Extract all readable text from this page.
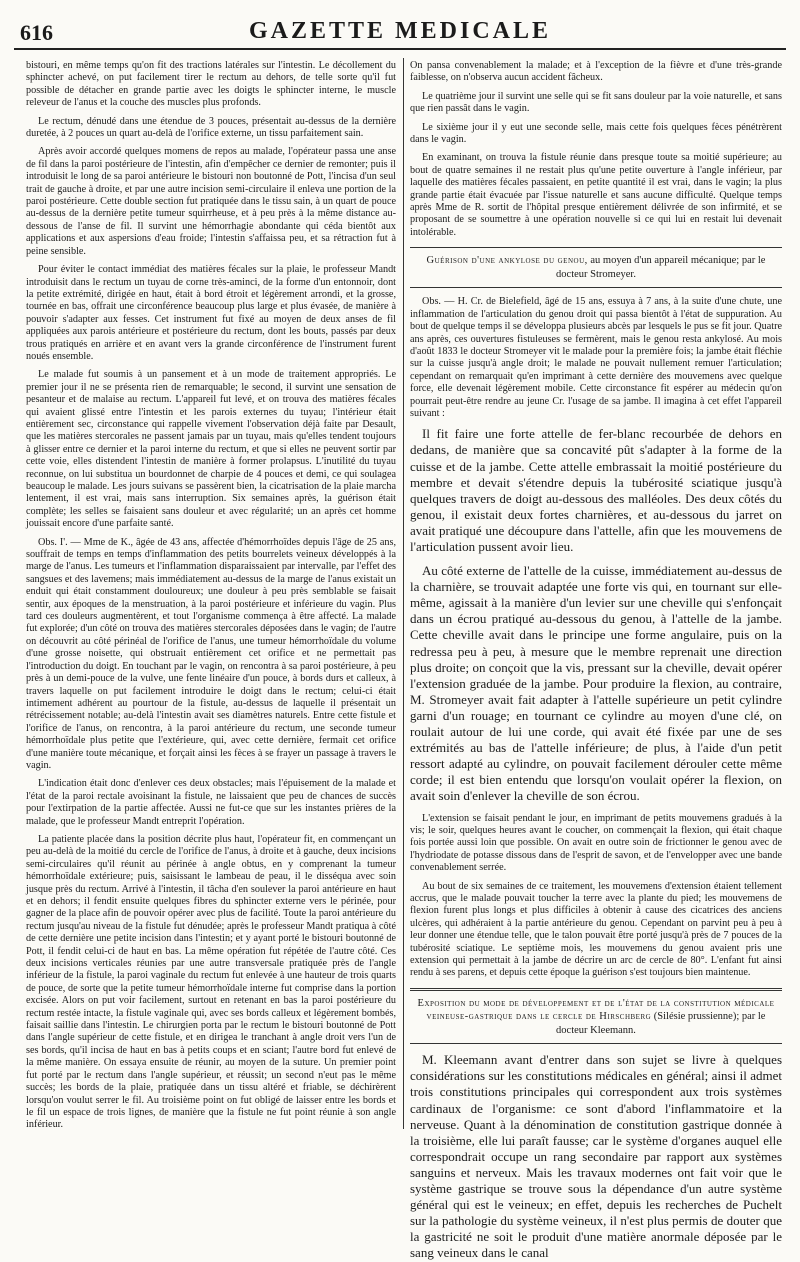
616	GAZETTE MEDICALE

bistouri, en même temps qu'on fit des tractions latérales sur l'intestin. Le décollement du sphincter achevé, on put facilement tirer le rectum au dehors, de telle sorte qu'il fut possible de détacher en grande partie avec les doigts le sphincter interne, le muscle releveur de l'anus et la couche des muscles plus profonds.

Le rectum, dénudé dans une étendue de 3 pouces, présentait au-dessus de la dernière duretée, à 2 pouces un quart au-delà de l'orifice externe, un tissu parfaitement sain.

Après avoir accordé quelques momens de repos au malade, l'opérateur passa une anse de fil dans la paroi postérieure de l'intestin, afin d'empêcher ce dernier de remonter; puis il introduisit le long de sa paroi antérieure le bistouri non boutonné de Pott, l'incisa d'un seul trait de gauche à droite, et par une autre incision semi-circulaire il enleva une portion de la paroi postérieure. Cette double section fut pratiquée dans le tissu sain, à un quart de pouce au-dessus de la dernière petite tumeur squirrheuse, et à peu près à la même distance au-dessous de l'anse de fil. Il survint une hémorrhagie abondante qui céda bientôt aux applications et aux aspersions d'eau froide; l'intestin s'affaissa peu, et sa rétraction fut à peine sensible.

Pour éviter le contact immédiat des matières fécales sur la plaie, le professeur Mandt introduisit dans le rectum un tuyau de corne très-aminci, de la forme d'un entonnoir, dont la petite extrémité, dirigée en haut, était à bord étroit et légèrement arrondi, et la grosse, tournée en bas, offrait une circonférence beaucoup plus large et plus évasée, de manière à pouvoir s'adapter aux fesses. Cet instrument fut fixé au moyen de deux anses de fil appliquées aux parois antérieure et postérieure du rectum, dont les bouts, passés par deux trous pratiqués en arrière et en avant vers la grande circonférence de l'instrument furent noués ensemble.

Le malade fut soumis à un pansement et à un mode de traitement appropriés. Le premier jour il ne se présenta rien de remarquable; le second, il survint une sensation de pesanteur et de malaise au rectum. L'appareil fut levé, et on trouva des matières fécales qui avaient glissé entre l'intestin et les parois externes du tuyau; l'intérieur était entièrement sec, circonstance qui rappelle vivement l'observation déjà faite par Desault, que les matières stercorales ne passent jamais par un tuyau, mais qu'elles tendent toujours à glisser entre ce dernier et la paroi interne du rectum, et que si elles ne peuvent sortir par cette voie, elles distendent l'intestin de manière à former prolapsus. L'inutilité du tuyau reconnue, on lui substitua un bourdonnet de charpie de 4 pouces et demi, ce qui soulagea beaucoup le malade. Les jours suivans se passèrent bien, la cicatrisation de la plaie marcha lentement, il est vrai, mais sans interruption. Six semaines après, la guérison était complète; les selles se faisaient sans douleur et avec régularité; un an après cet homme jouissait encore d'une parfaite santé.

Obs. I'. — Mme de K., âgée de 43 ans, affectée d'hémorrhoïdes depuis l'âge de 25 ans, souffrait de temps en temps d'inflammation des petits bourrelets veineux développés à la marge de l'anus. Les tumeurs et l'inflammation disparaissaient par intervalle, par l'effet des sangsues et des lavemens; mais immédiatement au-dessus de la marge de l'anus existait un enduit qui était constamment douloureux; une douleur à peu près semblable se faisait sentir, aux époques de la menstruation, à la paroi postérieure et inférieure du vagin. Plus tard ces douleurs augmentèrent, et tout l'organisme commença à être affecté. La malade fut explorée; d'un côté on trouva des matières stercorales déposées dans le vagin; de l'autre on découvrit au côté périnéal de l'orifice de l'anus, une tumeur hémorrhoïdale du volume d'une grosse noisette, qui obstruait entièrement cet orifice et ne permettait pas l'introduction du doigt. En touchant par le vagin, on rencontra à sa paroi postérieure, à peu près à un demi-pouce de la vulve, une fente linéaire d'un pouce, à bords durs et calleux, à travers laquelle on put facilement introduire le doigt dans le rectum; celui-ci était intimement adhérent au pourtour de la fistule, au-dessus de laquelle il présentait un rétrécissement notable; au-delà l'intestin avait ses diamètres naturels. Entre cette fistule et l'orifice de l'anus, on rencontra, à la paroi antérieure du rectum, une seconde tumeur hémorrhoïdale plus petite que l'extérieure, qui, avec cette dernière, fermait cet orifice d'une manière toute mécanique, et forçait ainsi les fèces à se frayer un passage à travers le vagin.

L'indication était donc d'enlever ces deux obstacles; mais l'épuisement de la malade et l'état de la paroi rectale avoisinant la fistule, ne laissaient que peu de chances de succès pour l'extirpation de la partie affectée. Aussi ne fut-ce que sur les instantes prières de la malade, que le professeur Mandt entreprit l'opération.

La patiente placée dans la position décrite plus haut, l'opérateur fit, en commençant un peu au-delà de la moitié du cercle de l'orifice de l'anus, à droite et à gauche, deux incisions semi-circulaires qu'il réunit au périnée à angle obtus, en y comprenant la tumeur hémorrhoïdale extérieure; puis, saisissant le lambeau de peau, il le disséqua avec soin jusque près du rectum. Arrivé à l'intestin, il tâcha d'en soulever la paroi antérieure en haut et en dehors; il fendit ensuite quelques fibres du sphincter externe vers le périnée, pour gagner de la place afin de pouvoir opérer avec plus de facilité. Toute la paroi antérieure du rectum jusqu'au niveau de la fistule fut dénudée; après le professeur Mandt pratiqua à côté de cette dernière une petite incision dans l'intestin; et y ayant porté le bistouri boutonné de Pott, il fendit celui-ci de haut en bas. La même opération fut répétée de l'autre côté. Ces deux incisions verticales réunies par une autre transversale pratiquée près de l'angle inférieur de la fistule, la paroi vaginale du rectum fut enlevée à une hauteur de trois quarts de pouce, de sorte que la petite tumeur hémorrhoïdale interne fut comprise dans la portion excisée. Alors on put voir facilement, surtout en retenant en bas la paroi postérieure du rectum restée intacte, la fistule vaginale qui, avec ses bords calleux et légèrement bombés, faisait saillie dans l'intestin. Le chirurgien porta par le rectum le bistouri boutonné de Pott dans l'angle supérieur de cette fistule, et en dirigea le tranchant à angle droit vers l'un de ses bords, qu'il incisa de haut en bas à petits coups et en sciant; l'autre bord fut enlevé de la même manière. On essaya ensuite de réunir, au moyen de la suture. Un premier point fut porté par le rectum dans l'angle supérieur, et réussit; un second n'eut pas le même succès; les bords de la plaie, pratiquée dans un tissu altéré et friable, se déchirèrent lorsqu'on voulut serrer le fil. Au troisième point on fut obligé de laisser entre les bords et le fil un espace de trois lignes, de manière que la fistule ne fut point réunie à son angle inférieur.

On pansa convenablement la malade; et à l'exception de la fièvre et d'une très-grande faiblesse, on n'observa aucun accident fâcheux.

Le quatrième jour il survint une selle qui se fit sans douleur par la voie naturelle, et sans que rien passât dans le vagin.

Le sixième jour il y eut une seconde selle, mais cette fois quelques fèces pénétrèrent dans le vagin.

En examinant, on trouva la fistule réunie dans presque toute sa moitié supérieure; au bout de quatre semaines il ne restait plus qu'une petite ouverture à l'angle inférieur, par laquelle des matières fécales passaient, en petite quantité il est vrai, dans le vagin; la plus grande partie était évacuée par l'issue naturelle et sans aucune difficulté. Quelque temps après Mme de R. sortit de l'hôpital presque entièrement délivrée de son infirmité, et se proposant de se soumettre à une opération nouvelle si ce qui lui en restait lui devenait intolérable.

Guérison d'une ankylose du genou, au moyen d'un appareil mécanique; par le docteur Stromeyer.

Obs. — H. Cr. de Bielefield, âgé de 15 ans, essuya à 7 ans, à la suite d'une chute, une inflammation de l'articulation du genou droit qui passa bientôt à l'état de suppuration. Au bout de quelque temps il se développa plusieurs abcès par lesquels le pus se fit jour. Quatre ans après, ces ouvertures fistuleuses se fermèrent, mais le genou resta ankylosé. Au mois d'août 1833 le docteur Stromeyer vit le malade pour la première fois; la jambe était fléchie sur la cuisse jusqu'à angle droit; le malade ne pouvait nullement remuer l'articulation; cependant on remarquait qu'en imprimant à cette dernière des mouvemens avec quelque force, elle devenait légèrement mobile. Cette circonstance fit espérer au médecin qu'on pourrait peut-être rendre au jeune Cr. l'usage de sa jambe. Il imagina à cet effet l'appareil suivant :

Il fit faire une forte attelle de fer-blanc recourbée de dehors en dedans, de manière que sa concavité pût s'adapter à la forme de la cuisse et de la jambe. Cette attelle embrassait la moitié postérieure du membre et devait s'étendre depuis la tubérosité sciatique jusqu'à quelques travers de doigt au-dessous des malléoles. Des deux côtés du genou, il existait deux fortes charnières, et au-dessous du jarret on avait pratiqué une découpure dans l'attelle, afin que les mouvemens de l'articulation pussent avoir lieu.

Au côté externe de l'attelle de la cuisse, immédiatement au-dessus de la charnière, se trouvait adaptée une forte vis qui, en tournant sur elle-même, agissait à la manière d'un levier sur une cheville qui s'enfonçait dans un écrou pratiqué au-dessous du genou, à l'attelle de la jambe. Cette cheville avait dans le principe une forme angulaire, puis on la redressa peu à peu, à mesure que le membre reprenait une direction plus droite; on conçoit que la vis, pressant sur la cheville, devait opérer l'extension graduée de la jambe. Pour produire la flexion, au contraire, M. Stromeyer avait fait adapter à l'attelle supérieure un petit cylindre garni d'un rouage; en tournant ce cylindre au moyen d'une clé, on roulait autour de lui une corde, qui avait été fixée par une de ses extrémités au bas de l'attelle inférieure; de plus, à l'aide d'un petit ressort adapté au cylindre, on pouvait facilement dérouler cette même corde; il est bien entendu que lorsqu'on voulait opérer la flexion, on avait soin d'enlever la cheville de son écrou.

L'extension se faisait pendant le jour, en imprimant de petits mouvemens gradués à la vis; le soir, quelques heures avant le coucher, on commençait la flexion, qui était chaque fois portée aussi loin que possible. On avait en outre soin de frictionner le genou avec de l'hydriodate de potasse dissous dans de l'esprit de savon, et de l'envelopper avec une bande convenablement serrée.

Au bout de six semaines de ce traitement, les mouvemens d'extension étaient tellement accrus, que le malade pouvait toucher la terre avec la plante du pied; les mouvemens de flexion furent plus longs et plus difficiles à obtenir à cause des cicatrices des anciens ulcères, qui adhéraient à la partie antérieure du genou. Cependant on parvint peu à peu à leur donner une étendue telle, que le talon pouvait être porté jusqu'à près de 7 pouces de la tubérosité sciatique. Le septième mois, les mouvemens du genou avaient pris une extension qui permettait à la jambe de décrire un arc de cercle de 80°. L'enfant fut ainsi rendu à ses parens, et depuis cette époque la guérison s'est toujours bien maintenue.

Exposition du mode de développement et de l'état de la constitution médicale veineuse-gastrique dans le cercle de Hirschberg (Silésie prussienne); par le docteur Kleemann.

M. Kleemann avant d'entrer dans son sujet se livre à quelques considérations sur les constitutions médicales en général; ainsi il admet trois constitutions principales qui correspondent aux trois systèmes cardinaux de l'organisme: ce sont d'abord l'inflammatoire et la nerveuse. Quant à la dénomination de constitution gastrique donnée à la troisième, elle lui paraît fausse; car le système d'organes auquel elle correspondrait occupe un rang secondaire par rapport aux systèmes sanguins et nerveux. Mais les travaux modernes ont fait voir que le système gastrique se trouve sous la dépendance d'un autre système général qui est le veineux; en effet, depuis les recherches de Puchelt sur la pathologie du système veineux, il n'est plus permis de douter que la gastricité ne soit le produit d'une matière anormale déposée par le sang veineux dans le canal
